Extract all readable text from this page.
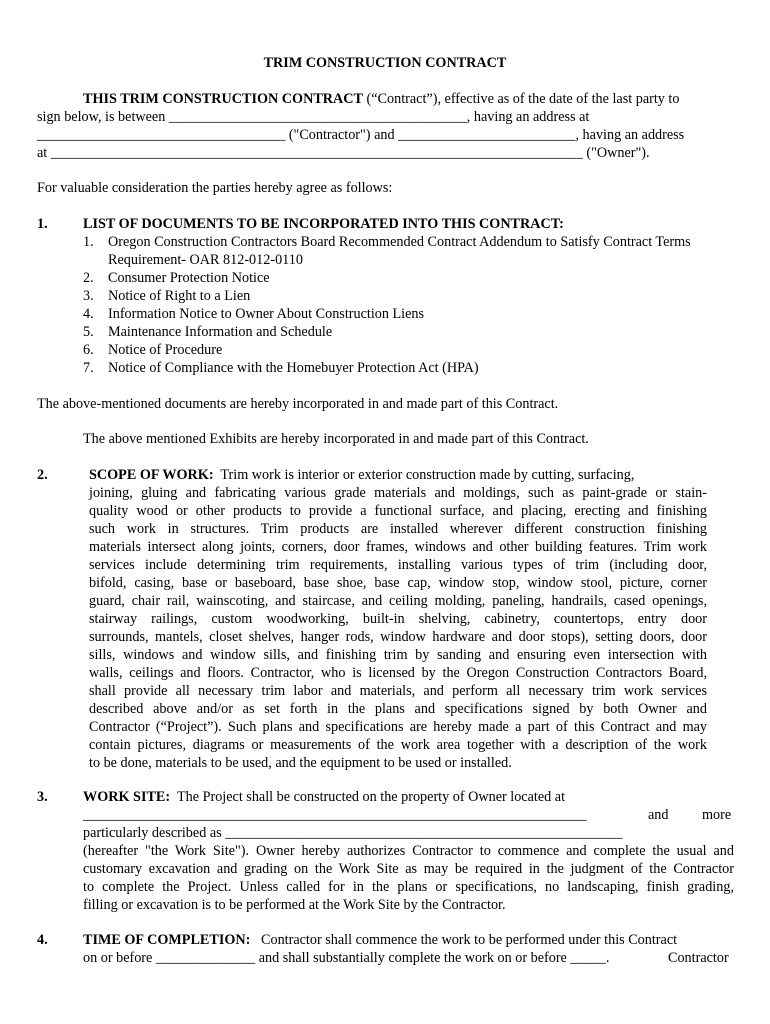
TRIM CONSTRUCTION CONTRACT
THIS TRIM CONSTRUCTION CONTRACT (“Contract”), effective as of the date of the last party to
sign below, is between __________________________________________, having an address at
___________________________________ ("Contractor") and _________________________, having an address
at ___________________________________________________________________________ ("Owner").
For valuable consideration the parties hereby agree as follows:
1. LIST OF DOCUMENTS TO BE INCORPORATED INTO THIS CONTRACT:
1. Oregon Construction Contractors Board Recommended Contract Addendum to Satisfy Contract Terms
Requirement- OAR 812-012-0110
2. Consumer Protection Notice
3. Notice of Right to a Lien
4. Information Notice to Owner About Construction Liens
5. Maintenance Information and Schedule
6. Notice of Procedure
7. Notice of Compliance with the Homebuyer Protection Act (HPA)
The above-mentioned documents are hereby incorporated in and made part of this Contract.
The above mentioned Exhibits are hereby incorporated in and made part of this Contract.
2.	SCOPE OF WORK: Trim work is interior or exterior construction made by cutting, surfacing,
joining, gluing and fabricating various grade materials and moldings, such as paint-grade or stain-
quality wood or other products to provide a functional surface, and placing, erecting and finishing
such work in structures. Trim products are installed wherever different construction finishing
materials intersect along joints, corners, door frames, windows and other building features. Trim work
services include determining trim requirements, installing various types of trim (including door,
bifold, casing, base or baseboard, base shoe, base cap, window stop, window stool, picture, corner
guard, chair rail, wainscoting, and staircase, and ceiling molding, paneling, handrails, cased openings,
stairway railings, custom woodworking, built-in shelving, cabinetry, countertops, entry door
surrounds, mantels, closet shelves, hanger rods, window hardware and door stops), setting doors, door
sills, windows and window sills, and finishing trim by sanding and ensuring even intersection with
walls, ceilings and floors. Contractor, who is licensed by the Oregon Construction Contractors Board,
shall provide all necessary trim labor and materials, and perform all necessary trim work services
described above and/or as set forth in the plans and specifications signed by both Owner and
Contractor (“Project”). Such plans and specifications are hereby made a part of this Contract and may
contain pictures, diagrams or measurements of the work area together with a description of the work
to be done, materials to be used, and the equipment to be used or installed.
3. WORK SITE: The Project shall be constructed on the property of Owner located at
_______________________________________________________________________	and more
particularly described as ________________________________________________________
(hereafter "the Work Site"). Owner hereby authorizes Contractor to commence and complete the usual and
customary excavation and grading on the Work Site as may be required in the judgment of the Contractor
to complete the Project. Unless called for in the plans or specifications, no landscaping, finish grading,
filling or excavation is to be performed at the Work Site by the Contractor.
4. TIME OF COMPLETION: Contractor shall commence the work to be performed under this Contract
on or before ______________ and shall substantially complete the work on or before _____.	Contractor
